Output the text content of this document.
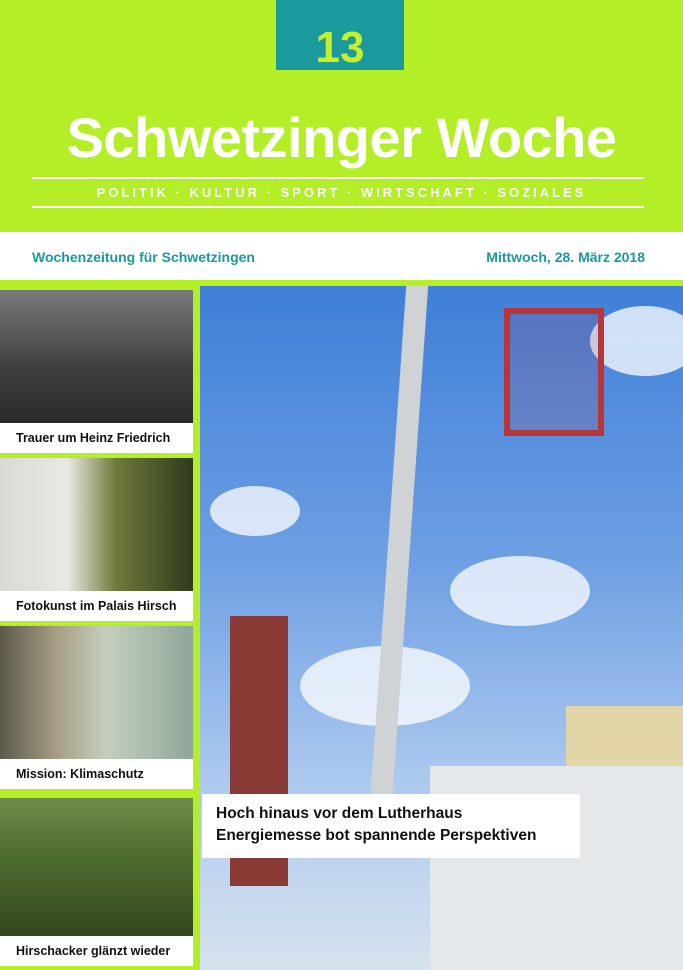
13
Schwetzinger Woche
POLITIK · KULTUR · SPORT · WIRTSCHAFT · SOZIALES
Wochenzeitung für Schwetzingen	Mittwoch, 28. März 2018
Trauer um Heinz Friedrich
Fotokunst im Palais Hirsch
Mission: Klimaschutz
Hirschacker glänzt wieder
Hoch hinaus vor dem Lutherhaus
Energiemesse bot spannende Perspektiven
